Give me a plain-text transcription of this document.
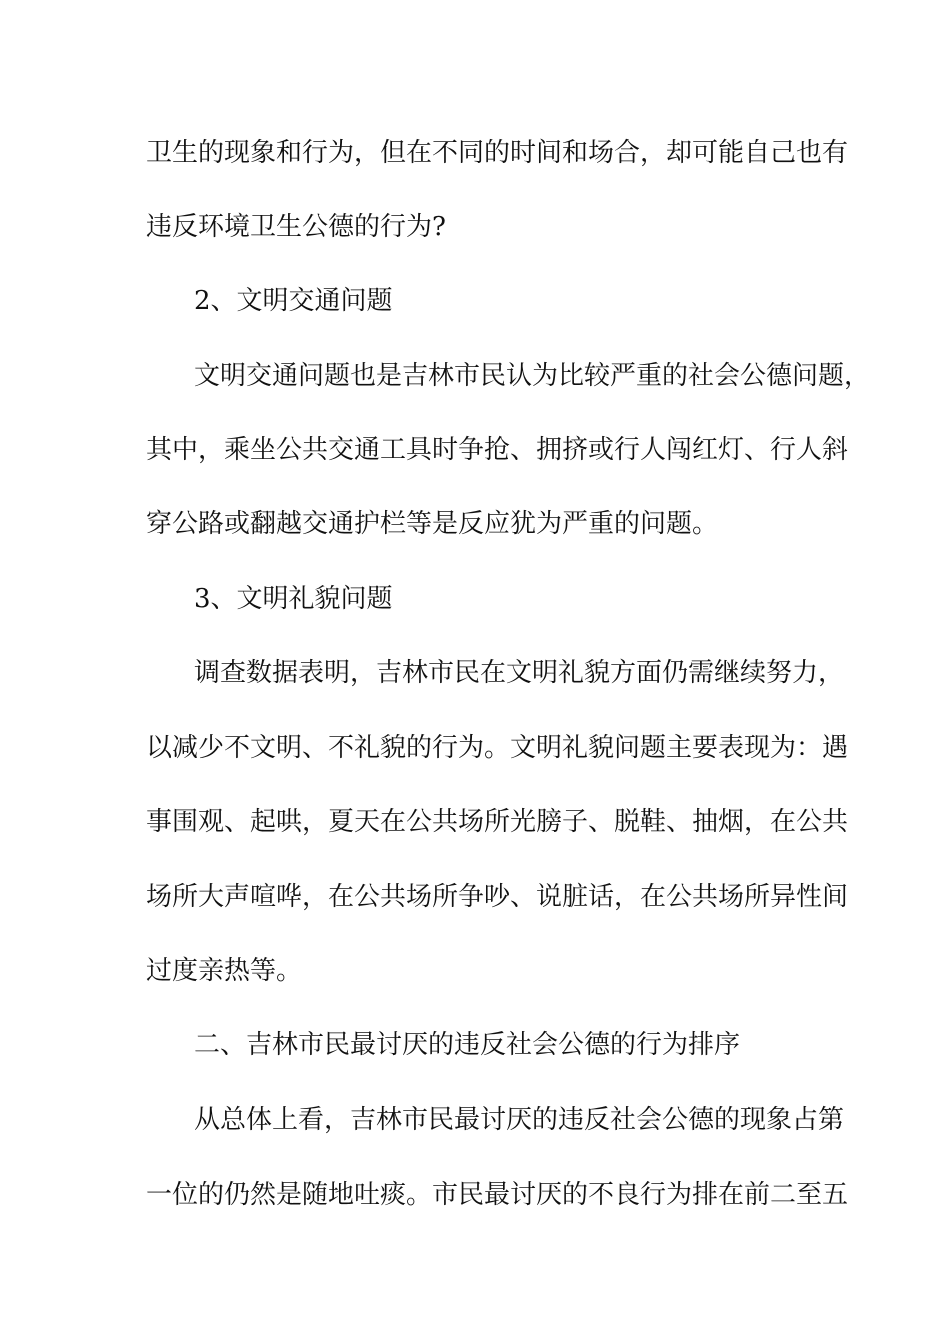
卫生的现象和行为，但在不同的时间和场合，却可能自己也有
违反环境卫生公德的行为?
2、文明交通问题
文明交通问题也是吉林市民认为比较严重的社会公德问题，
其中，乘坐公共交通工具时争抢、拥挤或行人闯红灯、行人斜
穿公路或翻越交通护栏等是反应犹为严重的问题。
3、文明礼貌问题
调查数据表明，吉林市民在文明礼貌方面仍需继续努力，
以减少不文明、不礼貌的行为。文明礼貌问题主要表现为：遇
事围观、起哄，夏天在公共场所光膀子、脱鞋、抽烟，在公共
场所大声喧哗，在公共场所争吵、说脏话，在公共场所异性间
过度亲热等。
二、吉林市民最讨厌的违反社会公德的行为排序
从总体上看，吉林市民最讨厌的违反社会公德的现象占第
一位的仍然是随地吐痰。市民最讨厌的不良行为排在前二至五
